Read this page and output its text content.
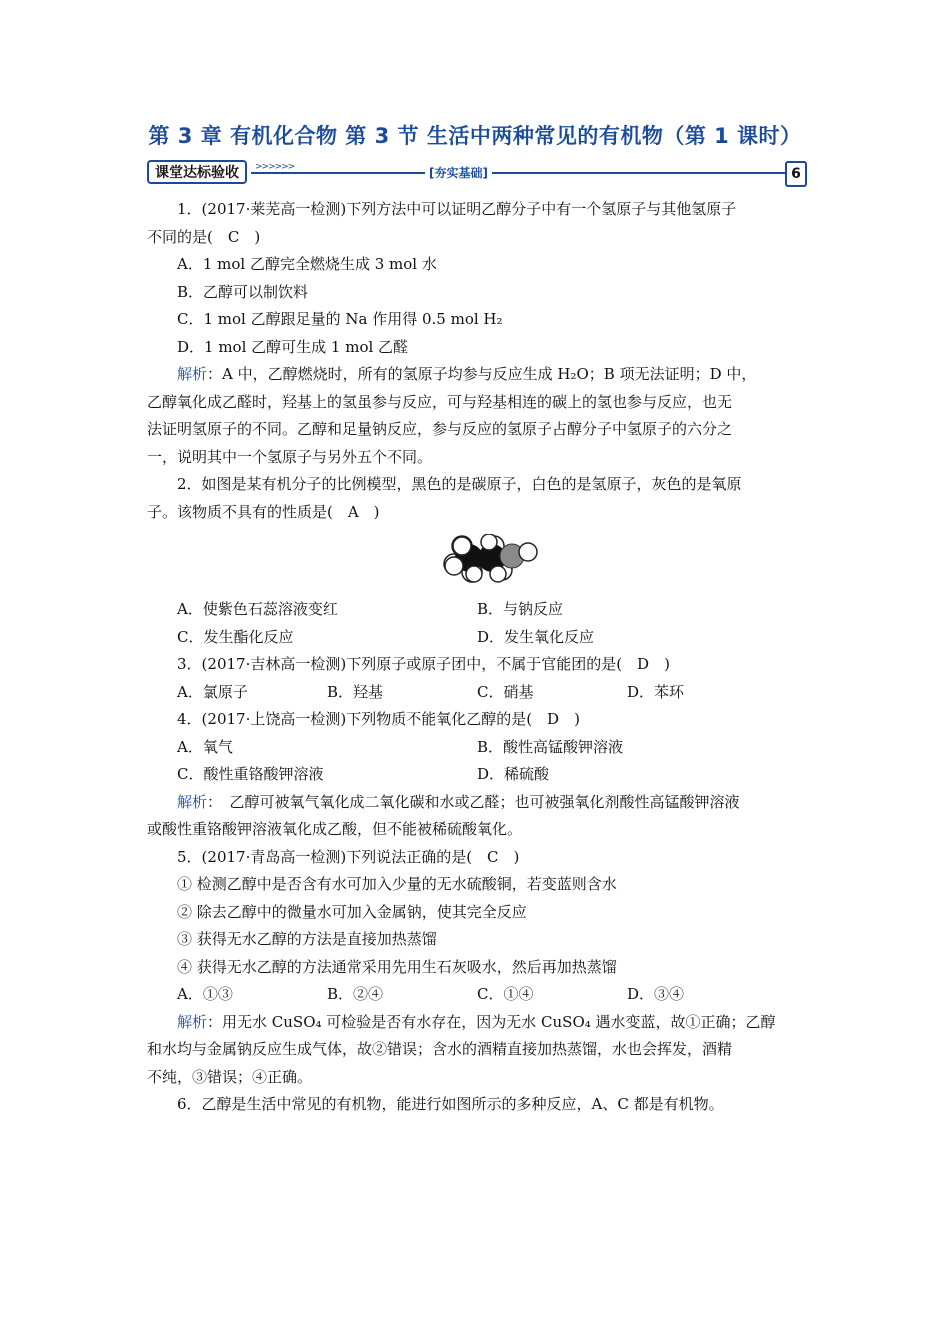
第 3 章 有机化合物 第 3 节 生活中两种常见的有机物（第 1 课时）
课堂达标验收	>>>>>>	[夯实基础]	6

1．(2017·莱芜高一检测)下列方法中可以证明乙醇分子中有一个氢原子与其他氢原子

不同的是(　C　)

A．1 mol 乙醇完全燃烧生成 3 mol 水

B．乙醇可以制饮料

C．1 mol 乙醇跟足量的 Na 作用得 0.5 mol H₂

D．1 mol 乙醇可生成 1 mol 乙醛

解析：A 中，乙醇燃烧时，所有的氢原子均参与反应生成 H₂O；B 项无法证明；D 中，

乙醇氧化成乙醛时，羟基上的氢虽参与反应，可与羟基相连的碳上的氢也参与反应，也无

法证明氢原子的不同。乙醇和足量钠反应，参与反应的氢原子占醇分子中氢原子的六分之

一，说明其中一个氢原子与另外五个不同。

2．如图是某有机分子的比例模型，黑色的是碳原子，白色的是氢原子，灰色的是氧原

子。该物质不具有的性质是(　A　)

A．使紫色石蕊溶液变红	B．与钠反应
C．发生酯化反应	D．发生氧化反应

3．(2017·吉林高一检测)下列原子或原子团中，不属于官能团的是(　D　)

A．氯原子	B．羟基	C．硝基	D．苯环

4．(2017·上饶高一检测)下列物质不能氧化乙醇的是(　D　)

A．氧气	B．酸性高锰酸钾溶液
C．酸性重铬酸钾溶液	D．稀硫酸

解析：　乙醇可被氧气氧化成二氧化碳和水或乙醛；也可被强氧化剂酸性高锰酸钾溶液

或酸性重铬酸钾溶液氧化成乙酸，但不能被稀硫酸氧化。

5．(2017·青岛高一检测)下列说法正确的是(　C　)

① 检测乙醇中是否含有水可加入少量的无水硫酸铜，若变蓝则含水

② 除去乙醇中的微量水可加入金属钠，使其完全反应

③ 获得无水乙醇的方法是直接加热蒸馏

④ 获得无水乙醇的方法通常采用先用生石灰吸水，然后再加热蒸馏

A．①③	B．②④	C．①④	D．③④

解析：用无水 CuSO₄ 可检验是否有水存在，因为无水 CuSO₄ 遇水变蓝，故①正确；乙醇

和水均与金属钠反应生成气体，故②错误；含水的酒精直接加热蒸馏，水也会挥发，酒精

不纯，③错误；④正确。

6．乙醇是生活中常见的有机物，能进行如图所示的多种反应，A、C 都是有机物。
